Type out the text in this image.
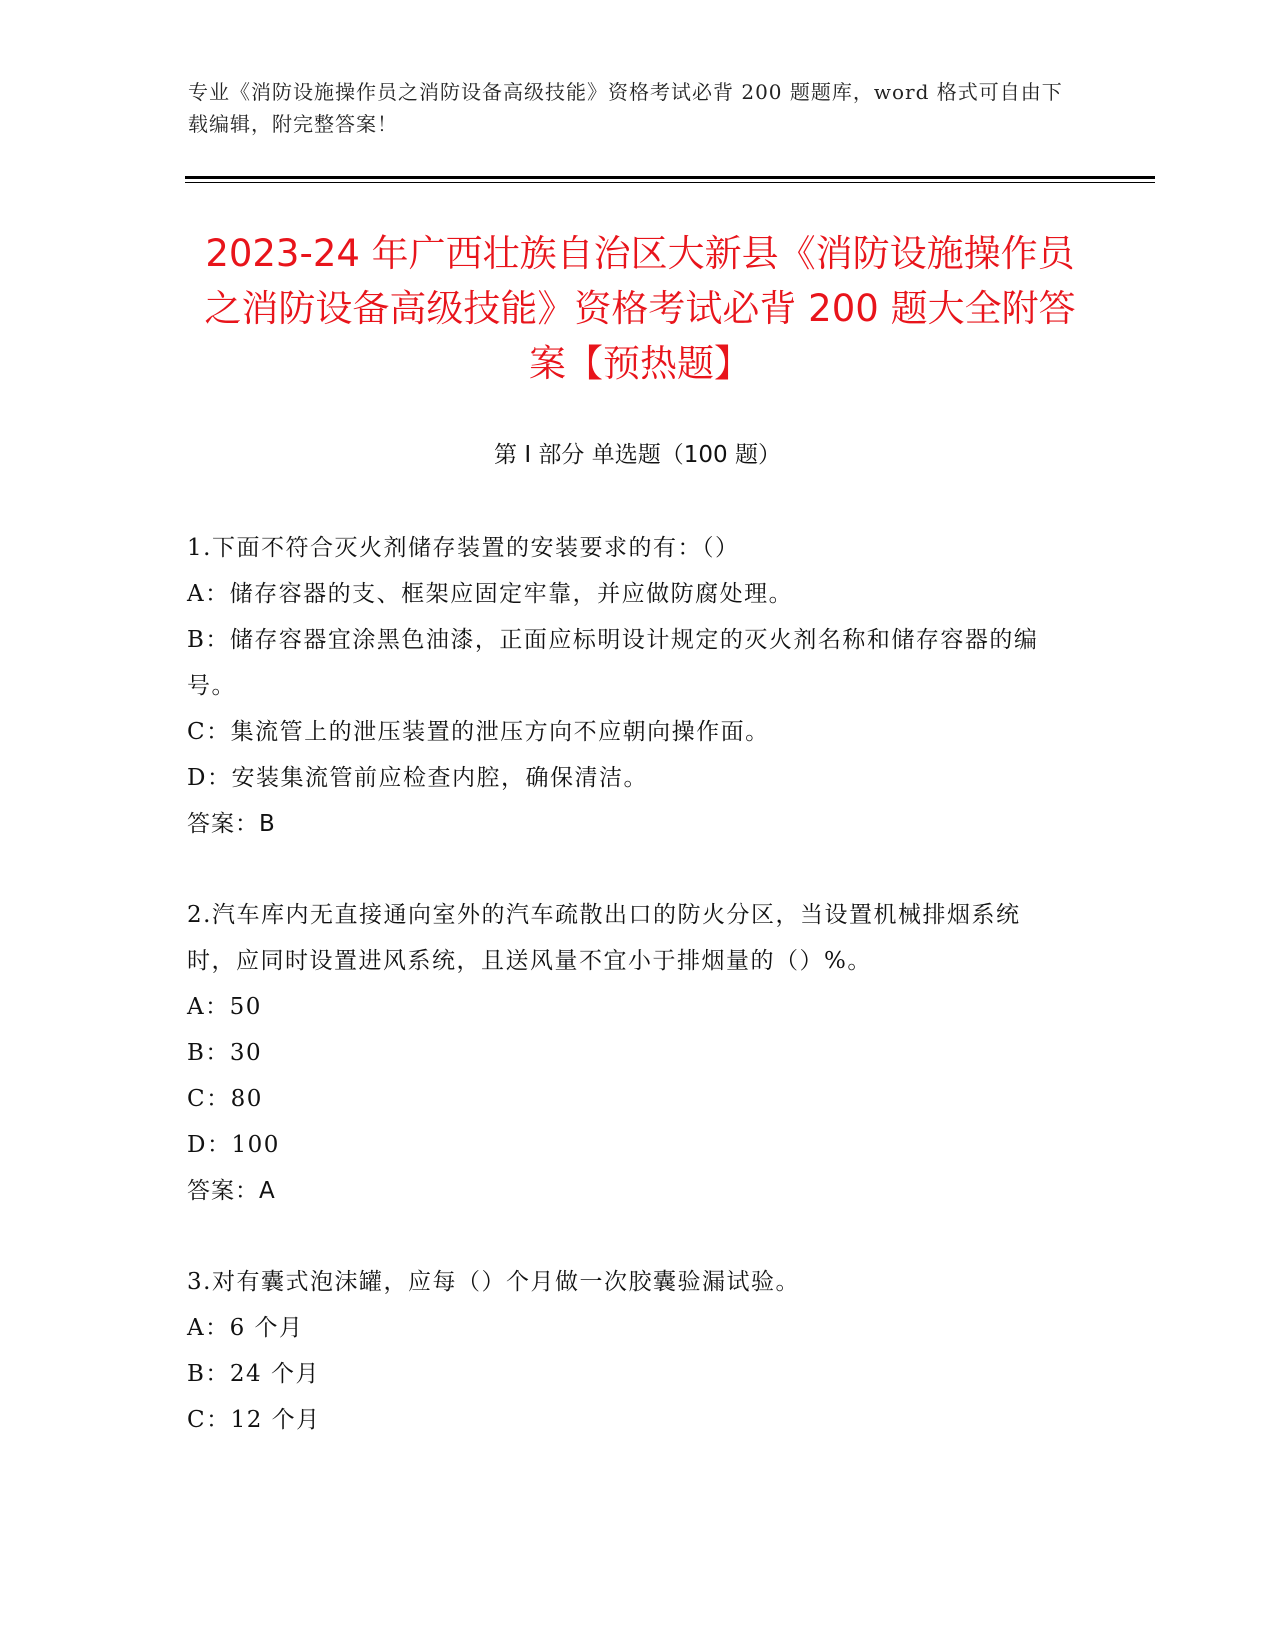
专业《消防设施操作员之消防设备高级技能》资格考试必背 200 题题库，word 格式可自由下载编辑，附完整答案！
2023-24 年广西壮族自治区大新县《消防设施操作员之消防设备高级技能》资格考试必背 200 题大全附答案【预热题】
第 I 部分 单选题（100 题）
1.下面不符合灭火剂储存装置的安装要求的有：（）
A：储存容器的支、框架应固定牢靠，并应做防腐处理。
B：储存容器宜涂黑色油漆，正面应标明设计规定的灭火剂名称和储存容器的编号。
C：集流管上的泄压装置的泄压方向不应朝向操作面。
D：安装集流管前应检查内腔，确保清洁。
答案：B
2.汽车库内无直接通向室外的汽车疏散出口的防火分区，当设置机械排烟系统时，应同时设置进风系统，且送风量不宜小于排烟量的（）%。
A：50
B：30
C：80
D：100
答案：A
3.对有囊式泡沫罐，应每（）个月做一次胶囊验漏试验。
A：6 个月
B：24 个月
C：12 个月
